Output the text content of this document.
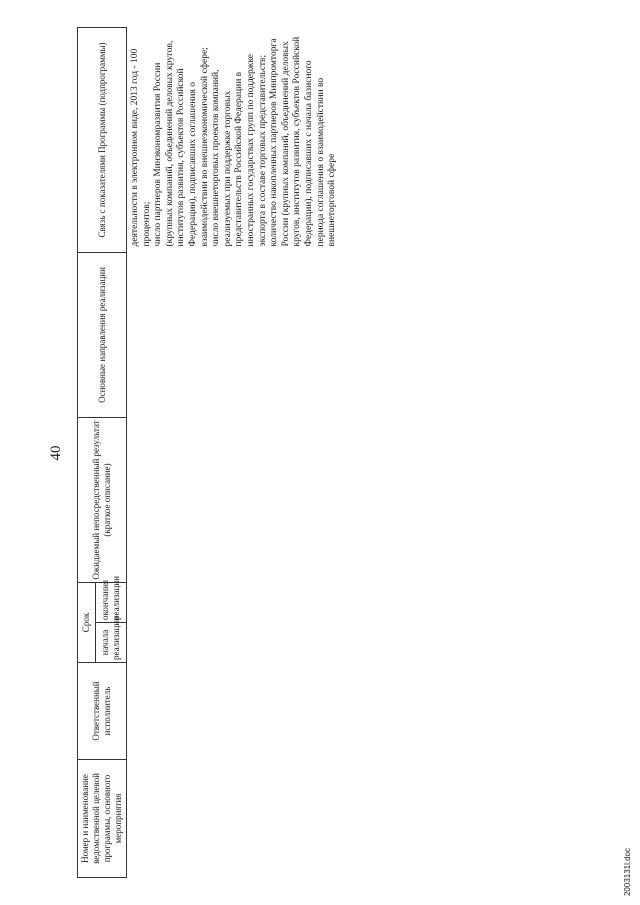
40
Номер и наименование ведомственной целевой программы, основного мероприятия	Ответственный исполнитель	Срок		Ожидаемый непосредственный результат (краткое описание)	Основные направления реализации	Связь с показателями Программы (подпрограммы)
		начала реализации	окончания реализации			
						деятельности в электронном виде, 2013 год - 100 процентов;
число партнеров Минэкономразвития России (крупных компаний, объединений деловых кругов, институтов развития, субъектов Российской Федерации), подписавших соглашения о взаимодействии во внешнеэкономической сфере;
число внешнеторговых проектов компаний, реализуемых при поддержке торговых представительств Российской Федерации в иностранных государствах групп по поддержке экспорта в составе торговых представительств;
количество накопленных партнеров Минпромторга России (крупных компаний, объединений деловых кругов, институтов развития, субъектов Российской Федерации), подписавших с начала базисного периода соглашения о взаимодействии во внешнеторговой сфере
2003131l.doc
